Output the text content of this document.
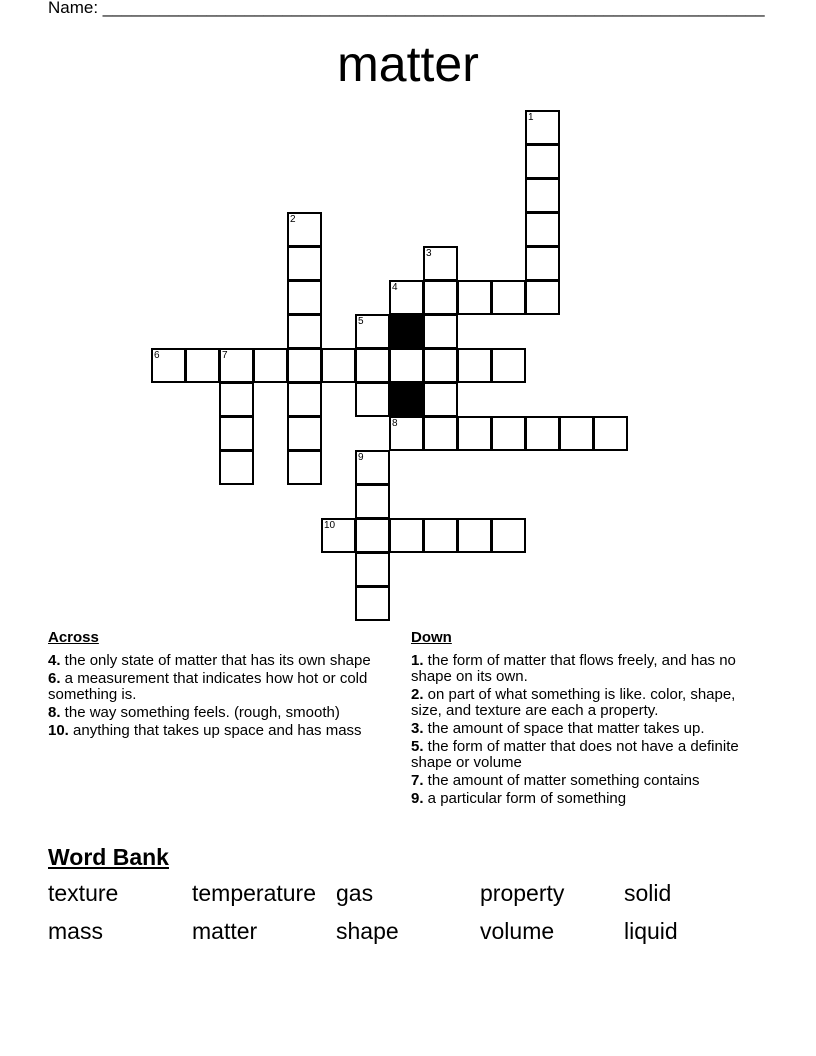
Name: ______________________________________________________________________
matter
1
2
3
4
5
6	7
8
9
10
Across
4. the only state of matter that has its own shape
6. a measurement that indicates how hot or cold something is.
8. the way something feels. (rough, smooth)
10. anything that takes up space and has mass
Down
1. the form of matter that flows freely, and has no shape on its own.
2. on part of what something is like. color, shape, size, and texture are each a property.
3. the amount of space that matter takes up.
5. the form of matter that does not have a definite shape or volume
7. the amount of matter something contains
9. a particular form of something
Word Bank
texture	temperature gas	property	solid
mass	matter	shape	volume	liquid
